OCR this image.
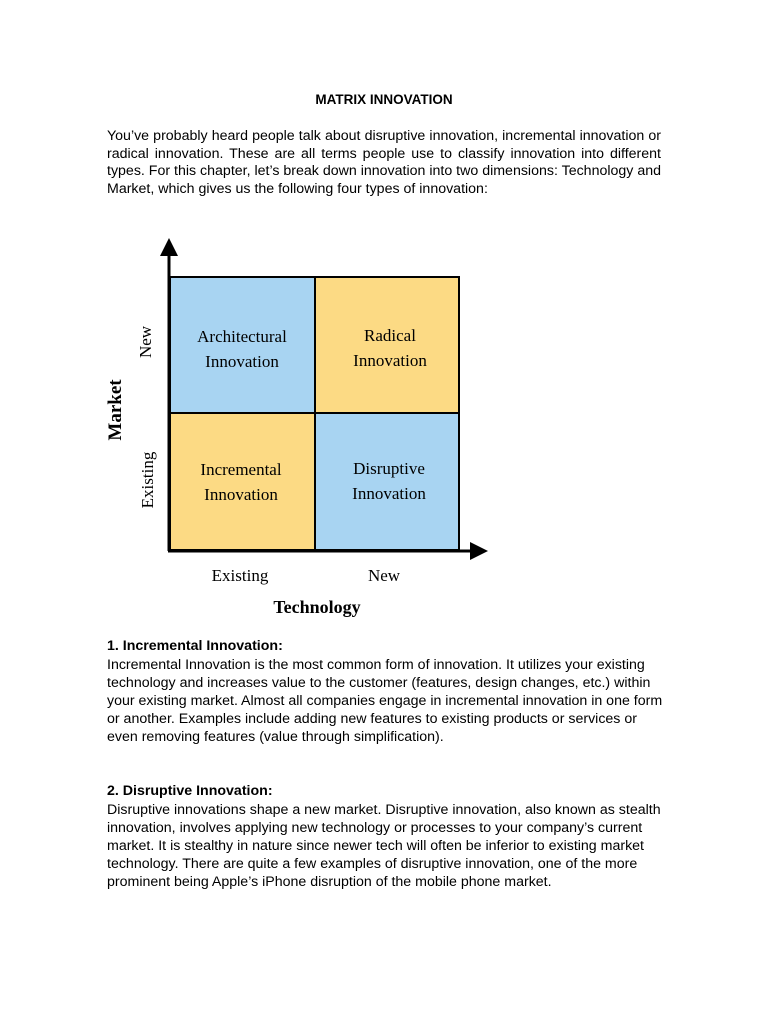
MATRIX INNOVATION

You’ve probably heard people talk about disruptive innovation, incremental innovation or radical innovation. These are all terms people use to classify innovation into different types. For this chapter, let’s break down innovation into two dimensions: Technology and Market, which gives us the following four types of innovation:

Architectural
Innovation
Radical
Innovation
Incremental
Innovation
Disruptive
Innovation
Existing	New
Technology
New
Existing
Market
1. Incremental Innovation:

Incremental Innovation is the most common form of innovation. It utilizes your existing technology and increases value to the customer (features, design changes, etc.) within your existing market. Almost all companies engage in incremental innovation in one form or another. Examples include adding new features to existing products or services or even removing features (value through simplification).

2. Disruptive Innovation:

Disruptive innovations shape a new market. Disruptive innovation, also known as stealth innovation, involves applying new technology or processes to your company’s current market. It is stealthy in nature since newer tech will often be inferior to existing market technology. There are quite a few examples of disruptive innovation, one of the more prominent being Apple’s iPhone disruption of the mobile phone market.
